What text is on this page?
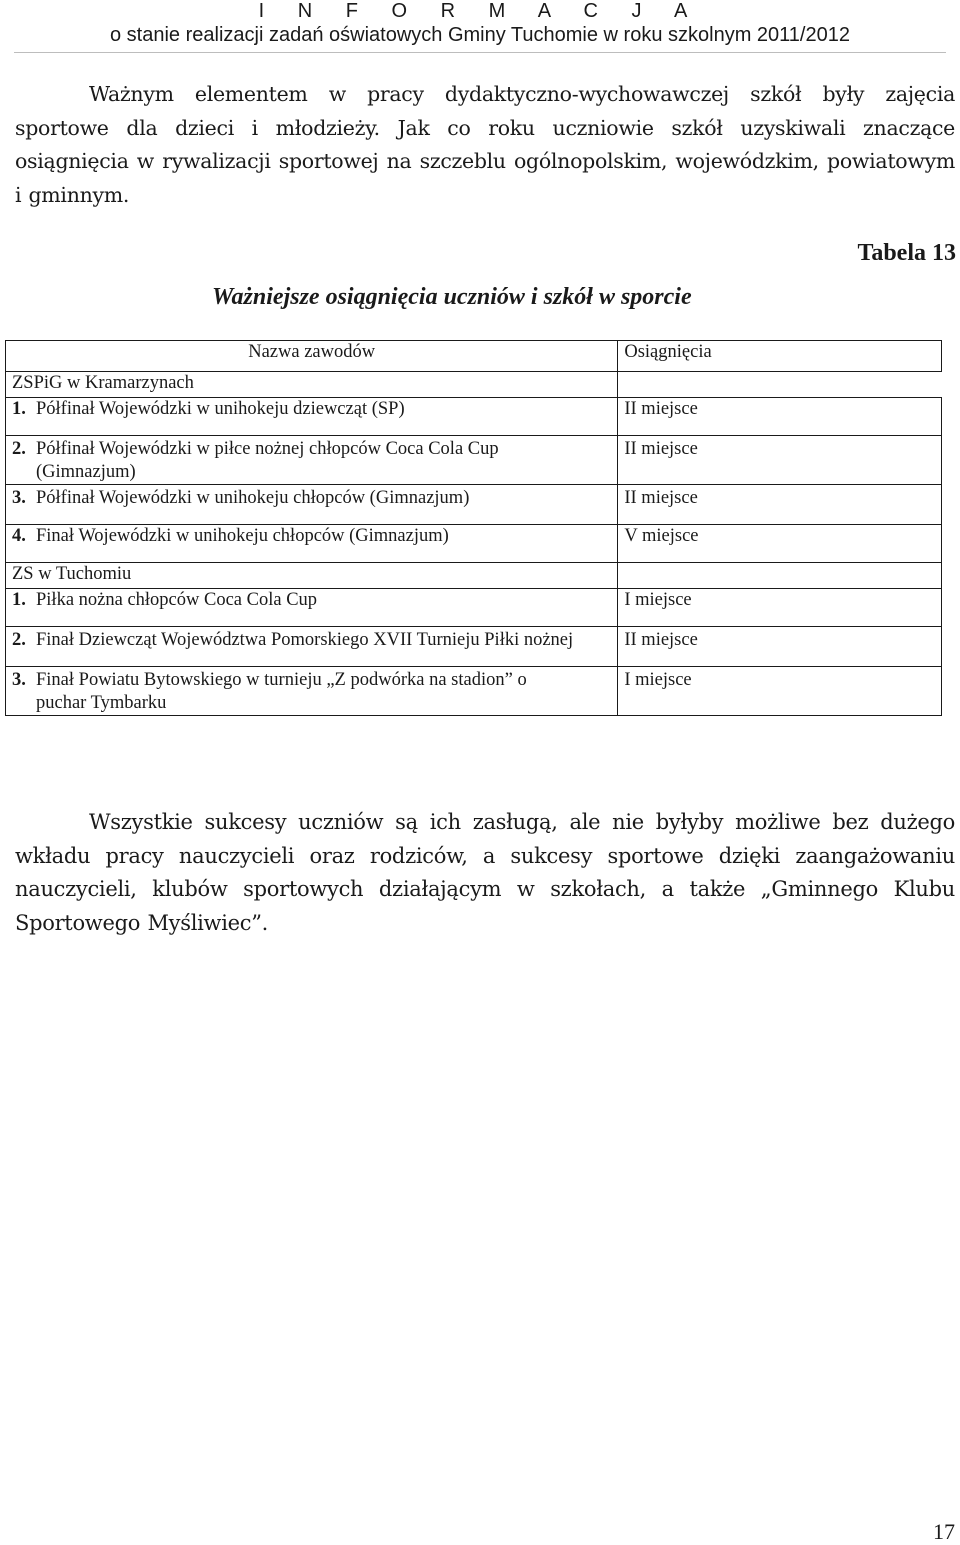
I N F O R M A C J A
o stanie realizacji zadań oświatowych Gminy Tuchomie w roku szkolnym 2011/2012

Ważnym elementem w pracy dydaktyczno-wychowawczej szkół były zajęcia sportowe dla dzieci i młodzieży. Jak co roku uczniowie szkół uzyskiwali znaczące osiągnięcia w rywalizacji sportowej na szczeblu ogólnopolskim, wojewódzkim, powiatowym i gminnym.

Tabela 13
Ważniejsze osiągnięcia uczniów i szkół w sporcie
Nazwa zawodów	Osiągnięcia
ZSPiG w Kramarzynach	
1. Półfinał Wojewódzki w unihokeju dziewcząt (SP)	II miejsce
2. Półfinał Wojewódzki w piłce nożnej chłopców Coca Cola Cup (Gimnazjum)	II miejsce
3. Półfinał Wojewódzki w unihokeju chłopców (Gimnazjum)	II miejsce
4. Finał Wojewódzki w unihokeju chłopców (Gimnazjum)	V miejsce
ZS w Tuchomiu	
1. Piłka nożna chłopców Coca Cola Cup	I miejsce
2. Finał Dziewcząt Województwa Pomorskiego XVII Turnieju Piłki nożnej	II miejsce
3. Finał Powiatu Bytowskiego w turnieju „Z podwórka na stadion” o puchar Tymbarku	I miejsce

Wszystkie sukcesy uczniów są ich zasługą, ale nie byłyby możliwe bez dużego wkładu pracy nauczycieli oraz rodziców, a sukcesy sportowe dzięki zaangażowaniu nauczycieli, klubów sportowych działającym w szkołach, a także „Gminnego Klubu Sportowego Myśliwiec”.

17
